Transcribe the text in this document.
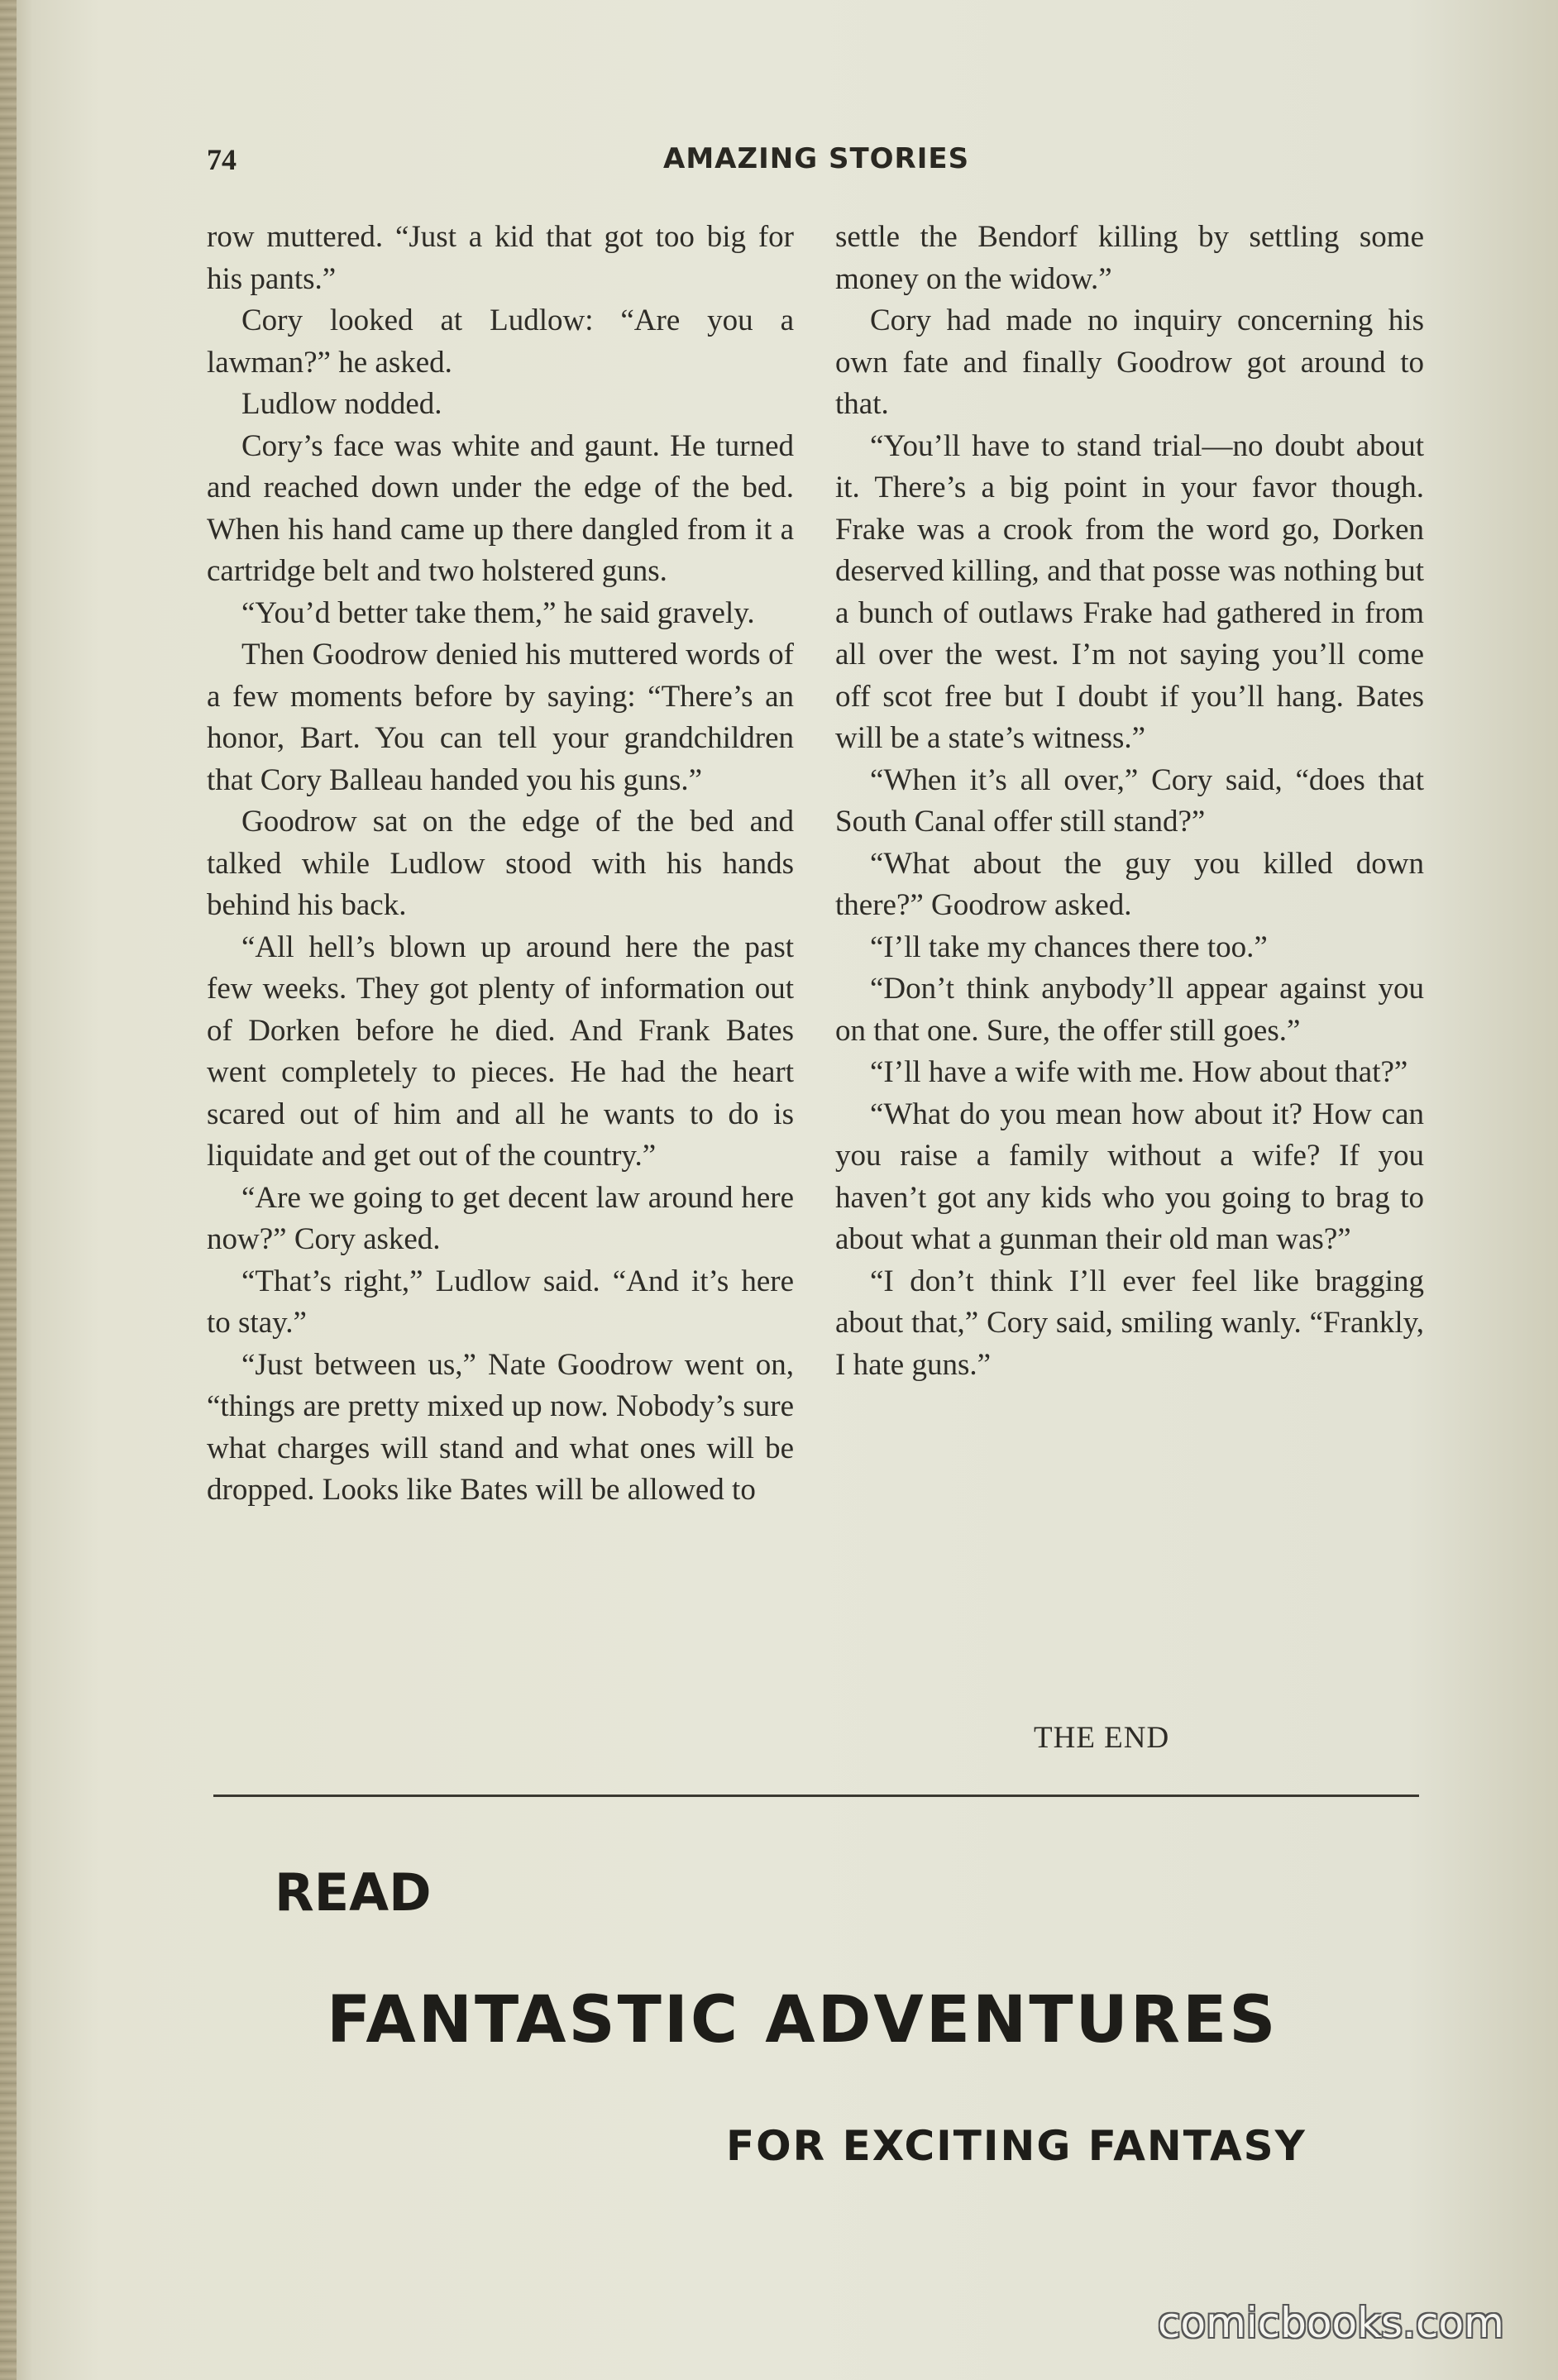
74	AMAZING STORIES

row muttered. “Just a kid that got too big for his pants.”

Cory looked at Ludlow: “Are you a lawman?” he asked.

Ludlow nodded.

Cory’s face was white and gaunt. He turned and reached down under the edge of the bed. When his hand came up there dangled from it a cartridge belt and two holstered guns.

“You’d better take them,” he said gravely.

Then Goodrow denied his muttered words of a few moments before by saying: “There’s an honor, Bart. You can tell your grandchildren that Cory Balleau handed you his guns.”

Goodrow sat on the edge of the bed and talked while Ludlow stood with his hands behind his back.

“All hell’s blown up around here the past few weeks. They got plenty of information out of Dorken before he died. And Frank Bates went completely to pieces. He had the heart scared out of him and all he wants to do is liquidate and get out of the country.”

“Are we going to get decent law around here now?” Cory asked.

“That’s right,” Ludlow said. “And it’s here to stay.”

“Just between us,” Nate Goodrow went on, “things are pretty mixed up now. Nobody’s sure what charges will stand and what ones will be dropped. Looks like Bates will be allowed to

settle the Bendorf killing by settling some money on the widow.”

Cory had made no inquiry concerning his own fate and finally Goodrow got around to that.

“You’ll have to stand trial—no doubt about it. There’s a big point in your favor though. Frake was a crook from the word go, Dorken deserved killing, and that posse was nothing but a bunch of outlaws Frake had gathered in from all over the west. I’m not saying you’ll come off scot free but I doubt if you’ll hang. Bates will be a state’s witness.”

“When it’s all over,” Cory said, “does that South Canal offer still stand?”

“What about the guy you killed down there?” Goodrow asked.

“I’ll take my chances there too.”

“Don’t think anybody’ll appear against you on that one. Sure, the offer still goes.”

“I’ll have a wife with me. How about that?”

“What do you mean how about it? How can you raise a family without a wife? If you haven’t got any kids who you going to brag to about what a gunman their old man was?”

“I don’t think I’ll ever feel like bragging about that,” Cory said, smiling wanly. “Frankly, I hate guns.”

THE END
READ
FANTASTIC ADVENTURES
FOR EXCITING FANTASY
comicbooks.com
